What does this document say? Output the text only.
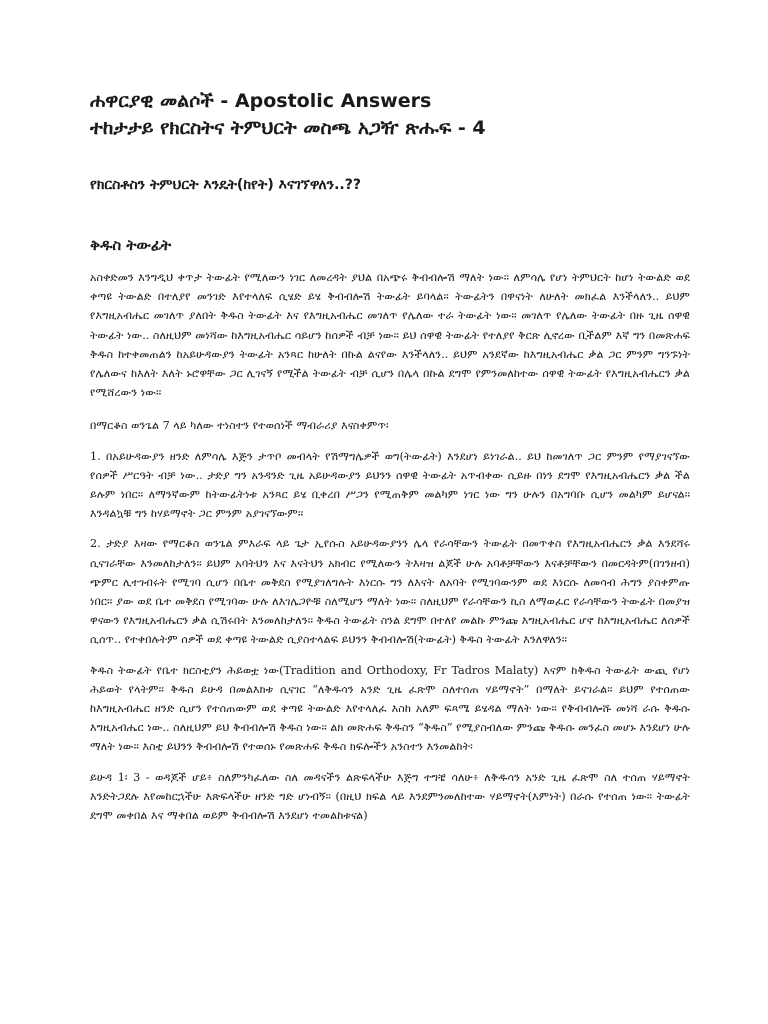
ሐዋርያዊ መልሶች - Apostolic Answers
ተከታታይ የክርስትና ትምህርት መስጫ አጋዥ ጽሑፍ - 4
የክርስቶስን ትምህርት እንዴት(ከየት) እናገኘዋለን..??
ቅዱስ ትውፊት

አስቀድመን እንግዲህ ቀጥታ ትውፊት የሚለውን ነገር ለመረዳት ያህል በአጭሩ ቅብብሎሽ ማለት ነው፡፡ ለምሳሌ የሆነ ትምህርት ከሆነ ትውልድ ወደ ቀጣዩ ትውልድ በተለያየ መንገድ እየተላለፍ ሲሄድ ይሄ ቅብብሎሽ ትውፊት ይባላል፡፡ ትውፊትን በዋናነት ለሁለት መክፈል እንችላለን.. ይህም የእግዚአብሔር መገለጥ ያለበት ቅዱስ ትውፊት እና የእግዚአብሔር መገለጥ የሌለው ተራ ትውፊት ነው፡፡ መገለጥ የሌለው ትውፊት በዙ ጊዜ ሰዋዊ ትውፊት ነው.. ስለዚህም መነሻው ከእግዚአብሔር ሳይሆን ከሰዎች ብቻ ነው፡፡ ይህ ሰዋዊ ትውፊት የተለያየ ቅርጽ ሊኖረው ቢችልም እኛ ግን በመጽሐፍ ቅዱስ ከተቀመጠልን ከአይሁዳውያን ትውፊት አንጻር ከሁለት በኩል ልናየው እንችላለን.. ይህም አንደኛው ከእግዚአብሔር ቃል ጋር ምንም ግንኙነት የሌለውና ከእለት እለት ኑሮዋቸው ጋር ሊገናኝ የሚችል ትውፊት ብቻ ሲሆን በሌላ በኩል ደግሞ የምንመለከተው ሰዋዊ ትውፊት የእግዚአብሔርን ቃል የሚሸረውን ነው፡፡

በማርቆስ ወንጌል 7 ላይ ካለው ተነስተን የተወሰነች ማብራሪያ እናስቀምጥ፡

1. በአይሁዳውያን ዘንድ ለምሳሌ እጅን ታጥቦ መብላት የሽማግሌዎች ወግ(ትውፊት) እንደሆነ ይነገራል.. ይህ ከመገለጥ ጋር ምንም የማያገናኘው የሰዎች ሥርዓት ብቻ ነው.. ታድያ ግን አንዳንድ ጊዜ አይሁዳውያን ይህንን ሰዋዊ ትውፊት አጥብቀው ሲይዙ በነን ደግሞ የእግዚአብሔርን ቃል ችል ይሉም ነበር፡፡ ለማንኛውም ከትውፊትነቱ አንጻር ይሄ ቢቀረበ ሥጋን የሚጠቅም መልካም ነገር ነው ግን ሁሉን በአግባቡ ሲሆን መልካም ይሆናል፡፡ እንዳልኳቹ ግን ከሃይማኖት ጋር ምንም አያገናኘውም፡፡

2. ታድያ እዛው የማርቆስ ወንጌል ምእራፍ ላይ ጌታ ኢየሱስ አይሁዳውያንን ሌላ የራሳቸውን ትውፊት በመጥቀስ የእግዚአብሔርን ቃል እንደሻሩ ሲናገራቸው እንመለከታለን፡፡ ይህም አባትህን እና እናትህን አክብር የሚለውን ትእዛዝ ልጆች ሁሉ አባቶቻቸውን እናቶቻቸውን በመርዳትም(በገንዘብ) ጭምር ሊተገብሩት የሚገባ ሲሆን በቤተ መቅደስ የሚያገለግሉት እነርሱ ግን ለእናት ለአባት የሚገባውንም ወደ እነርሱ ለመሳብ ሕግን ያስቀምጡ ነበር፡፡ ያው ወደ ቤተ መቅደስ የሚገባው ሁሉ ለእገሌጋዮቹ ስለሚሆን ማለት ነው፡፡ ስለዚህም የራሳቸውን ኪስ ለማወፈር የራሳቸውን ትውፊት በመያዝ ዋናውን የእግዚአብሔርን ቃል ሲሽሩበት እንመለከታለን፡፡ ቅዱስ ትውፊት ስንል ደግሞ በተለየ መልኩ ምንጩ እግዚአብሔር ሆኖ ከእግዚአብሔር ለሰዎች ሲሰጥ.. የተቀበሉትም ሰዎች ወደ ቀጣዩ ትውልድ ሲያስተላልፍ ይህንን ቅብብሎሽ(ትውፊት) ቅዱስ ትውፊት እንለዋለን፡፡

ቅዱስ ትውፊት የቤተ ክርስቲያን ሕይወቷ ነው(Tradition and Orthodoxy, Fr Tadros Malaty) እናም ከቅዱስ ትውፊት ውጪ የሆነ ሕይወት የላትም፡፡ ቅዱስ ይሁዳ በመልእክቱ ሲናገር “ለቅዱሳን አንድ ጊዜ ፈጽሞ ስለተሰጠ ሃይማኖት” በማለት ይናገራል፡፡ ይህም የተሰጠው ከእግዚአብሔር ዘንድ ሲሆን የተሰጠውም ወደ ቀጣዩ ትውልድ እየተላለፈ እስከ አለም ፍጻሜ ይሄዳል ማለት ነው፡፡ የቅብብሎሹ መነሻ ራሱ ቅዱሱ እግዚአብሔር ነው.. ስለዚህም ይህ ቅብብሎሽ ቅዱስ ነው፡፡ ልክ መጽሐፍ ቅዱስን “ቅዱስ” የሚያስብለው ምንጩ ቅዱሱ መንፈስ መሆኑ እንደሆነ ሁሉ ማለት ነው፡፡ እስቲ ይህንን ቅብብሎሽ የተወሰኑ የመጽሐፍ ቅዱስ ክፍሎችን አንስተን እንመልከት፡

ይሁዳ 1፡ 3 - ወዳጆች ሆይ፥ ስለምንካፈለው ስለ መዳናችን ልጽፍላችሁ እጅግ ተግቼ ሳለሁ፥ ለቅዱሳን አንድ ጊዜ ፈጽሞ ስለ ተሰጠ ሃይማኖት እንድትጋደሉ እየመከርኋችሁ እጽፍላችሁ ዘንድ ግድ ሆነብኝ፡፡ (በዚህ ክፍል ላይ እንደምንመለከተው ሃይማኖት(እምነት) በራሱ የተሰጠ ነው፡፡ ትውፊት ደግሞ መቀበል እና ማቀበል ወይም ቅብብሎሽ እንደሆነ ተመልከቱናል)
